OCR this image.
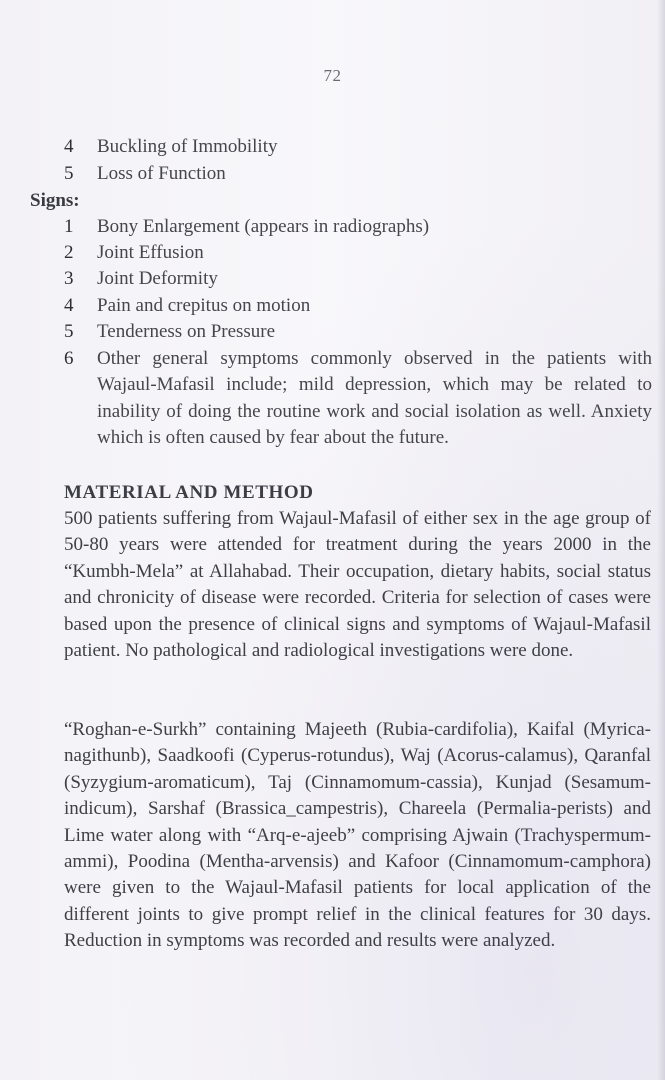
72
4	Buckling of Immobility
5	Loss of Function
Signs:
1	Bony Enlargement (appears in radiographs)
2	Joint Effusion
3	Joint Deformity
4	Pain and crepitus on motion
5	Tenderness on Pressure
6	Other general symptoms commonly observed in the patients with Wajaul-Mafasil include; mild depression, which may be related to inability of doing the routine work and social isolation as well. Anxiety which is often caused by fear about the future.
MATERIAL AND METHOD
500 patients suffering from Wajaul-Mafasil of either sex in the age group of 50-80 years were attended for treatment during the years 2000 in the “Kumbh-Mela” at Allahabad. Their occupation, dietary habits, social status and chronicity of disease were recorded. Criteria for selection of cases were based upon the presence of clinical signs and symptoms of Wajaul-Mafasil patient. No pathological and radiological investigations were done.
“Roghan-e-Surkh” containing Majeeth (Rubia-cardifolia), Kaifal (Myrica-nagithunb), Saadkoofi (Cyperus-rotundus), Waj (Acorus-calamus), Qaranfal (Syzygium-aromaticum), Taj (Cinnamomum-cassia), Kunjad (Sesamum-indicum), Sarshaf (Brassica_campestris), Chareela (Permalia-perists) and Lime water along with “Arq-e-ajeeb” comprising Ajwain (Trachyspermum-ammi), Poodina (Mentha-arvensis) and Kafoor (Cinnamomum-camphora) were given to the Wajaul-Mafasil patients for local application of the different joints to give prompt relief in the clinical features for 30 days. Reduction in symptoms was recorded and results were analyzed.
